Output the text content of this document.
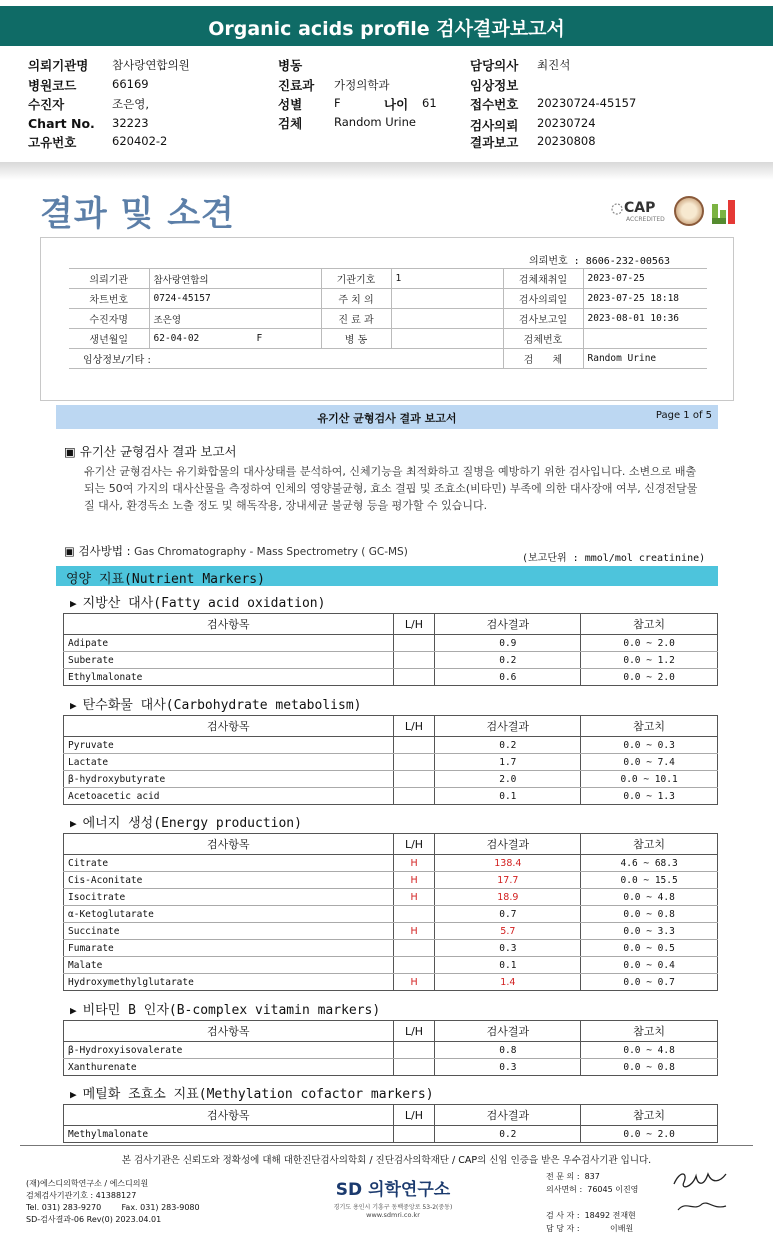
Organic acids profile 검사결과보고서
의뢰기관명 참사랑연합의원	병동	담당의사 최진석
병원코드	66169	진료과 가정의학과	임상정보
수진자	조은영,	성별	F	나이 61	접수번호 20230724-45157
Chart No. 32223	검체	Random Urine	검사의뢰 20230724
고유번호	620402-2	결과보고 20230808
결과 및 소견	CAP
ACCREDITED
의뢰번호 : 8606-232-00563
의뢰기관	참사랑연합의	기관기호	1	검체채취일	2023-07-25
차트번호	0724-45157	주 치 의		검사의뢰일	2023-07-25 18:18
수진자명	조은영	진 료 과		검사보고일	2023-08-01 10:36
생년월일	62-04-02          F	병 동		검체번호	
임상정보/기타 :				검      체	Random Urine
유기산 균형검사 결과 보고서	Page 1 of 5
▣ 유기산 균형검사 결과 보고서
유기산 균형검사는 유기화합물의 대사상태를 분석하여, 신체기능을 최적화하고 질병을 예방하기 위한 검사입니다. 소변으로 배출되는 50여 가지의 대사산물을 측정하여 인체의 영양불균형, 효소 결핍 및 조효소(비타민) 부족에 의한 대사장애 여부, 신경전달물질 대사, 환경독소 노출 정도 및 해독작용, 장내세균 불균형 등을 평가할 수 있습니다.
▣ 검사방법 : Gas Chromatography - Mass Spectrometry ( GC-MS)
(보고단위 : mmol/mol creatinine)
영양 지표(Nutrient Markers)
▶ 지방산 대사(Fatty acid oxidation)
검사항목	L/H	검사결과	참고치
Adipate		0.9	0.0 ~ 2.0
Suberate		0.2	0.0 ~ 1.2
Ethylmalonate		0.6	0.0 ~ 2.0
▶ 탄수화물 대사(Carbohydrate metabolism)
검사항목	L/H	검사결과	참고치
Pyruvate		0.2	0.0 ~ 0.3
Lactate		1.7	0.0 ~ 7.4
β-hydroxybutyrate		2.0	0.0 ~ 10.1
Acetoacetic acid		0.1	0.0 ~ 1.3
▶ 에너지 생성(Energy production)
검사항목	L/H	검사결과	참고치
Citrate	H	138.4	4.6 ~ 68.3
Cis-Aconitate	H	17.7	0.0 ~ 15.5
Isocitrate	H	18.9	0.0 ~ 4.8
α-Ketoglutarate		0.7	0.0 ~ 0.8
Succinate	H	5.7	0.0 ~ 3.3
Fumarate		0.3	0.0 ~ 0.5
Malate		0.1	0.0 ~ 0.4
Hydroxymethylglutarate	H	1.4	0.0 ~ 0.7
▶ 비타민 B 인자(B-complex vitamin markers)
검사항목	L/H	검사결과	참고치
β-Hydroxyisovalerate		0.8	0.0 ~ 4.8
Xanthurenate		0.3	0.0 ~ 0.8
▶ 메틸화 조효소 지표(Methylation cofactor markers)
검사항목	L/H	검사결과	참고치
Methylmalonate		0.2	0.0 ~ 2.0
본 검사기관은 신뢰도와 정확성에 대해 대한진단검사의학회 / 진단검사의학재단 / CAP의 신임 인증을 받은 우수검사기관 입니다.
(재)에스디의학연구소 / 에스디의원
검체검사기관기호 : 41388127
Tel. 031) 283-9270        Fax. 031) 283-9080
SD-검사결과-06 Rev(0) 2023.04.01
SD 의학연구소
경기도 용인시 기흥구 동백중앙로 53-2(중동)
www.sdmri.co.kr
전 문 의 :  837
의사면허 :  76045 이진영
검 사 자 :  18492 전재현
담 당 자 :            이배원
